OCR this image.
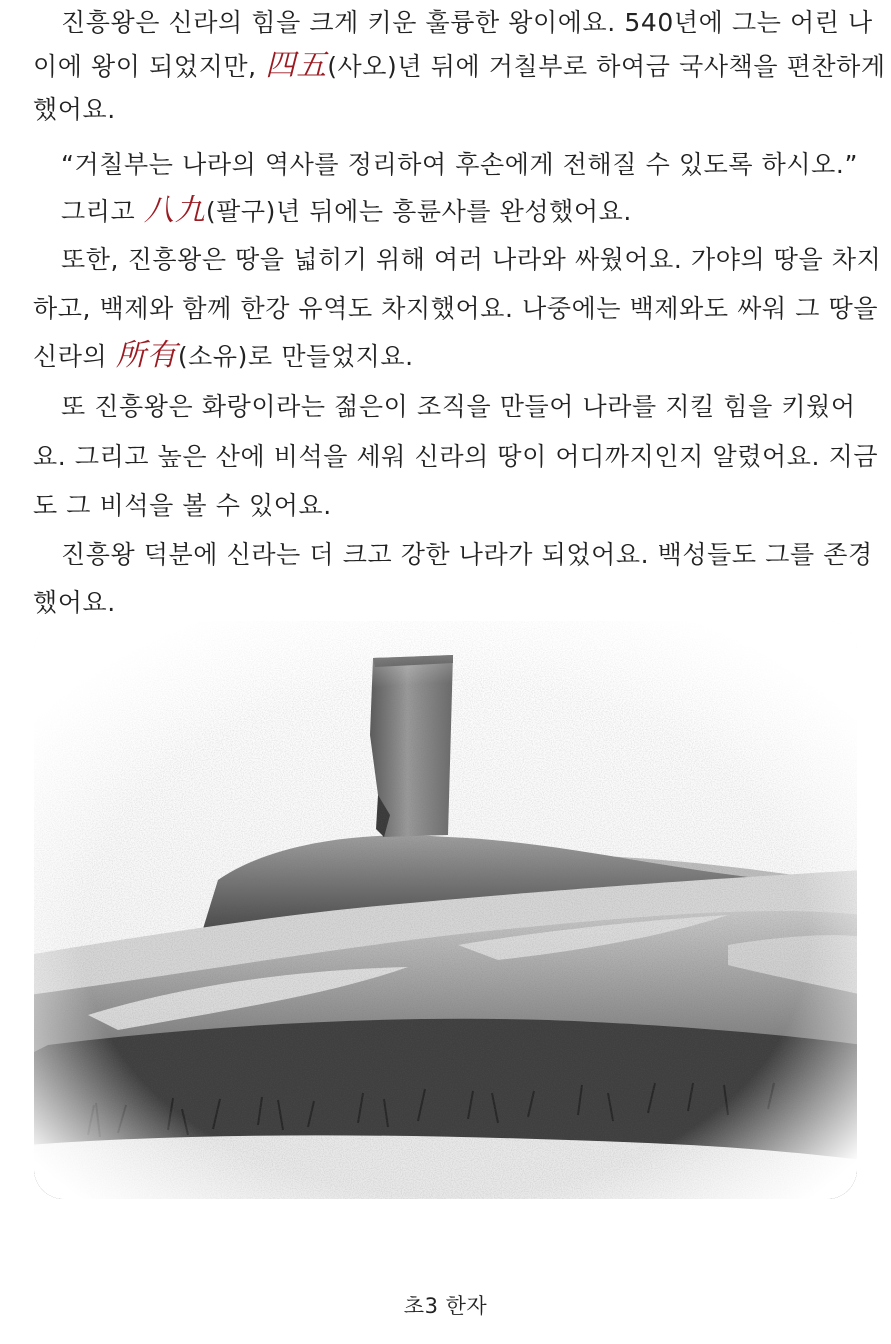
진흥왕은 신라의 힘을 크게 키운 훌륭한 왕이에요. 540년에 그는 어린 나
이에 왕이 되었지만, 四五(사오)년 뒤에 거칠부로 하여금 국사책을 편찬하게
했어요.
“거칠부는 나라의 역사를 정리하여 후손에게 전해질 수 있도록 하시오.”
그리고 八九(팔구)년 뒤에는 흥륜사를 완성했어요.
또한, 진흥왕은 땅을 넓히기 위해 여러 나라와 싸웠어요. 가야의 땅을 차지
하고, 백제와 함께 한강 유역도 차지했어요. 나중에는 백제와도 싸워 그 땅을
신라의 所有(소유)로 만들었지요.
또 진흥왕은 화랑이라는 젊은이 조직을 만들어 나라를 지킬 힘을 키웠어
요. 그리고 높은 산에 비석을 세워 신라의 땅이 어디까지인지 알렸어요. 지금
도 그 비석을 볼 수 있어요.
진흥왕 덕분에 신라는 더 크고 강한 나라가 되었어요. 백성들도 그를 존경
했어요.
초3 한자
